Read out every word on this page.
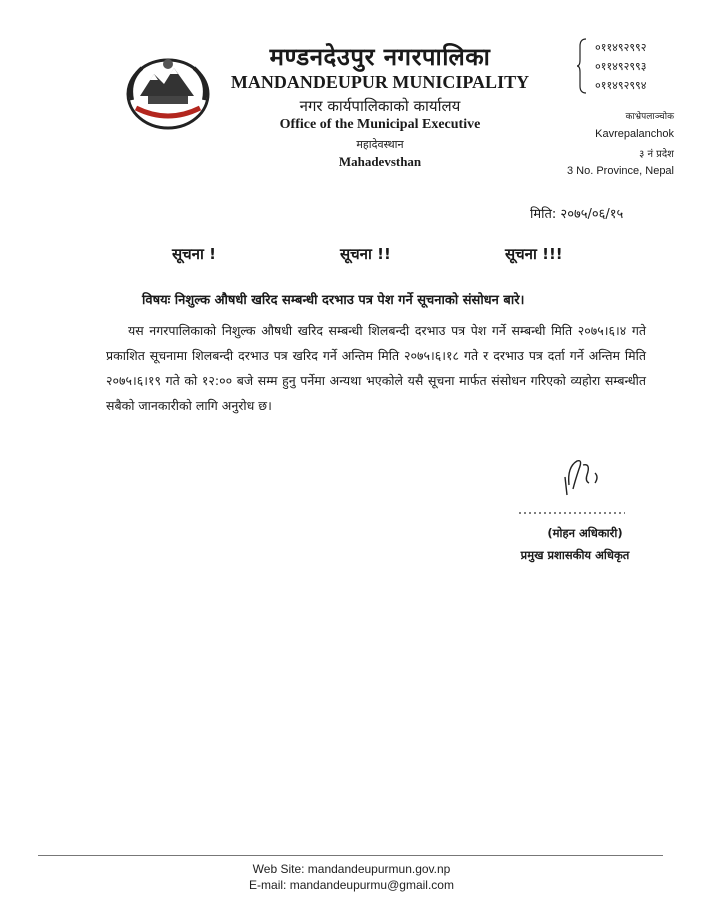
मण्डनदेउपुर नगरपालिका
MANDANDEUPUR MUNICIPALITY
नगर कार्यपालिकाको कार्यालय
Office of the Municipal Executive
महादेवस्थान
Mahadevsthan
०११४९२९९२
०११४९२९९३
०११४९२९९४
काभ्रेपलाञ्चोक
Kavrepalanchok
३ नं प्रदेश
3 No. Province, Nepal
मिति: २०७५/०६/१५
सूचना !	सूचना !!	सूचना !!!
विषयः निशुल्क औषधी खरिद सम्बन्धी दरभाउ पत्र पेश गर्ने सूचनाको संसोधन बारे।
यस नगरपालिकाको निशुल्क औषधी खरिद सम्बन्धी शिलबन्दी दरभाउ पत्र पेश गर्ने सम्बन्धी मिति २०७५।६।४ गते प्रकाशित सूचनामा शिलबन्दी दरभाउ पत्र खरिद गर्ने अन्तिम मिति २०७५।६।१८ गते र दरभाउ पत्र दर्ता गर्ने अन्तिम मिति २०७५।६।१९ गते को १२:०० बजे सम्म हुनु पर्नेमा अन्यथा भएकोले यसै सूचना मार्फत संसोधन गरिएको व्यहोरा सम्बन्धीत सबैको जानकारीको लागि अनुरोध छ।
(मोहन अधिकारी)
प्रमुख प्रशासकीय अधिकृत
Web Site: mandandeupurmun.gov.np
E-mail: mandandeupurmu@gmail.com
